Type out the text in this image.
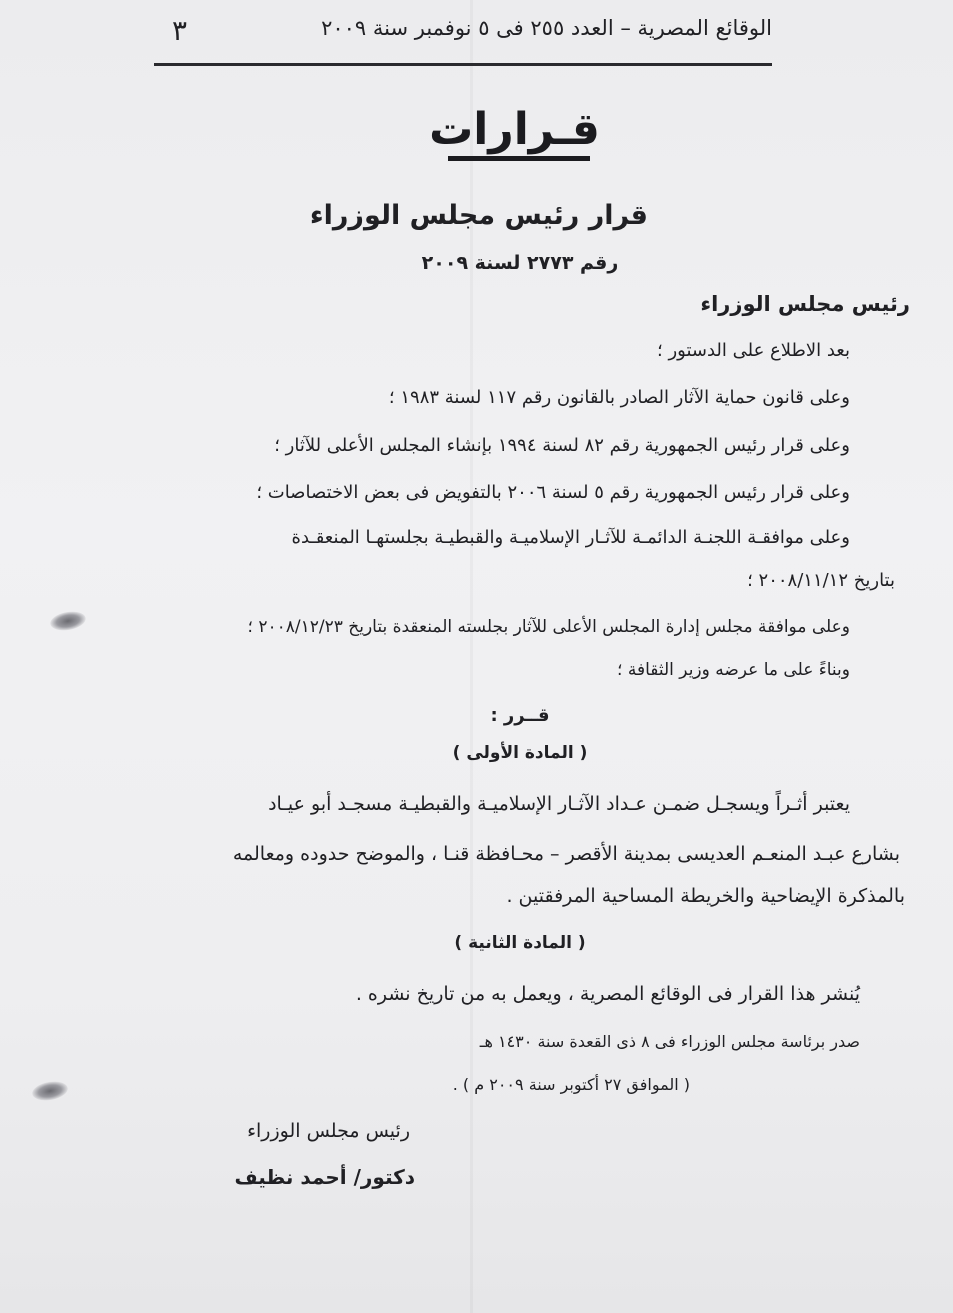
٣	الوقائع المصرية – العدد ٢٥٥ فى ٥ نوفمبر سنة ٢٠٠٩
قـرارات
قرار رئيس مجلس الوزراء
رقم ٢٧٧٣ لسنة ٢٠٠٩
رئيس مجلس الوزراء
بعد الاطلاع على الدستور ؛
وعلى قانون حماية الآثار الصادر بالقانون رقم ١١٧ لسنة ١٩٨٣ ؛
وعلى قرار رئيس الجمهورية رقم ٨٢ لسنة ١٩٩٤ بإنشاء المجلس الأعلى للآثار ؛
وعلى قرار رئيس الجمهورية رقم ٥ لسنة ٢٠٠٦ بالتفويض فى بعض الاختصاصات ؛
وعلى موافقـة اللجنـة الدائمـة للآثـار الإسلاميـة والقبطيـة بجلستهـا المنعقـدة
بتاريخ ٢٠٠٨/١١/١٢ ؛
وعلى موافقة مجلس إدارة المجلس الأعلى للآثار بجلسته المنعقدة بتاريخ ٢٠٠٨/١٢/٢٣ ؛
وبناءً على ما عرضه وزير الثقافة ؛
قــرر :
( المادة الأولى )
يعتبر أثـراً ويسجـل ضمـن عـداد الآثـار الإسلاميـة والقبطيـة مسجـد أبو عيـاد
بشارع عبـد المنعـم العديسى بمدينة الأقصر – محـافظة قنـا ، والموضح حدوده ومعالمه
بالمذكرة الإيضاحية والخريطة المساحية المرفقتين .
( المادة الثانية )
يُنشر هذا القرار فى الوقائع المصرية ، ويعمل به من تاريخ نشره .
صدر برئاسة مجلس الوزراء فى ٨ ذى القعدة سنة ١٤٣٠ هـ
( الموافق ٢٧ أكتوبر سنة ٢٠٠٩ م ) .
رئيس مجلس الوزراء
دكتور/ أحمد نظيف
